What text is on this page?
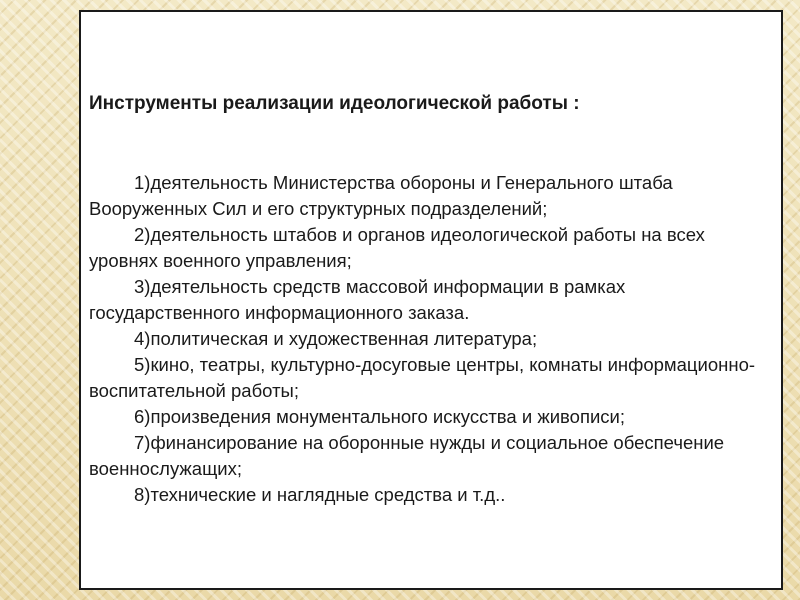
Инструменты реализации идеологической работы :
1)деятельность Министерства обороны и Генерального штаба Вооруженных Сил и его структурных подразделений;
2)деятельность штабов и органов идеологической работы на всех уровнях военного управления;
3)деятельность средств массовой информации в рамках государственного информационного заказа.
4)политическая и художественная литература;
5)кино, театры, культурно-досуговые центры, комнаты информационно-воспитательной работы;
6)произведения монументального искусства и живописи;
7)финансирование на оборонные нужды и социальное обеспечение военнослужащих;
8)технические и наглядные средства и т.д..
